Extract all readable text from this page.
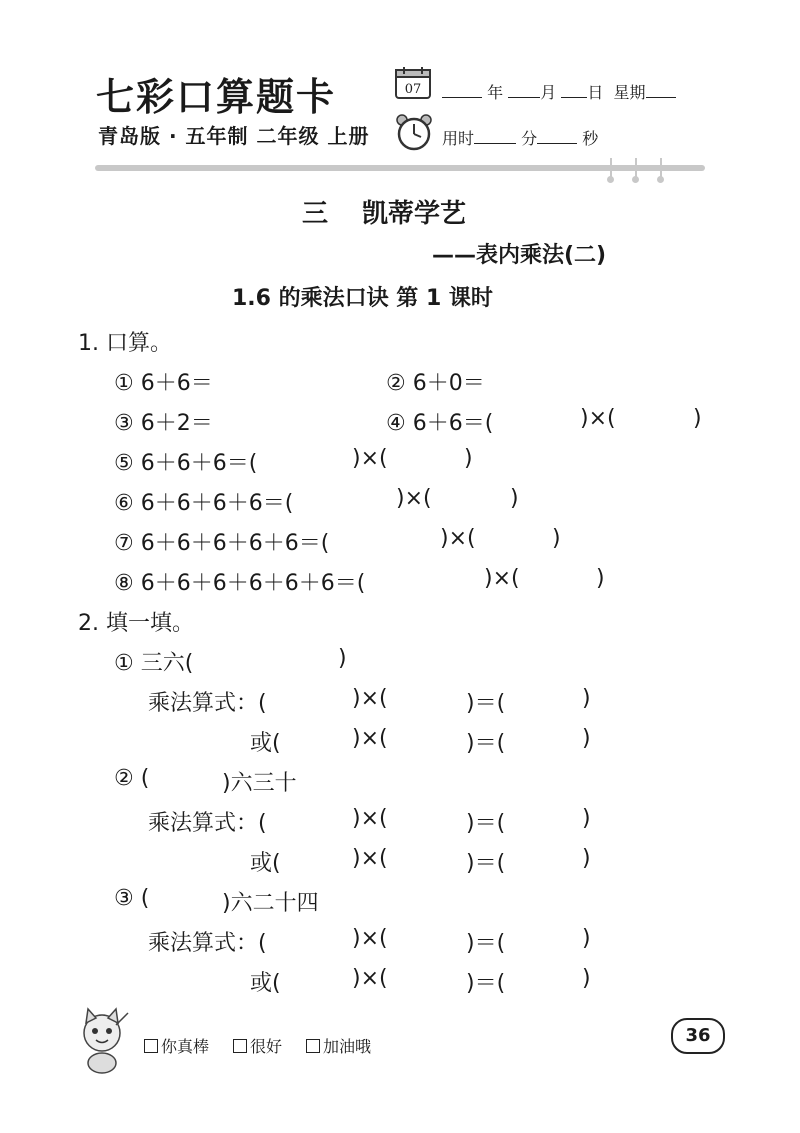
七彩口算题卡
青岛版 · 五年制 二年级 上册
07	年 月 日 星期
用时	分	秒
三 凯蒂学艺
——表内乘法(二)
1.6 的乘法口诀 第 1 课时
1. 口算。
① 6＋6＝	② 6＋0＝
③ 6＋2＝	④ 6＋6＝(	)×(	)
⑤ 6＋6＋6＝(	)×(	)
⑥ 6＋6＋6＋6＝(	)×(	)
⑦ 6＋6＋6＋6＋6＝(	)×(	)
⑧ 6＋6＋6＋6＋6＋6＝(	)×(	)
2. 填一填。
① 三六(	)
乘法算式：(	)×(	)＝(	)
或(	)×(	)＝(	)
② (	)六三十
乘法算式：(	)×(	)＝(	)
或(	)×(	)＝(	)
③ (	)六二十四
乘法算式：(	)×(	)＝(	)
或(	)×(	)＝(	)
你真棒	很好	加油哦
36
